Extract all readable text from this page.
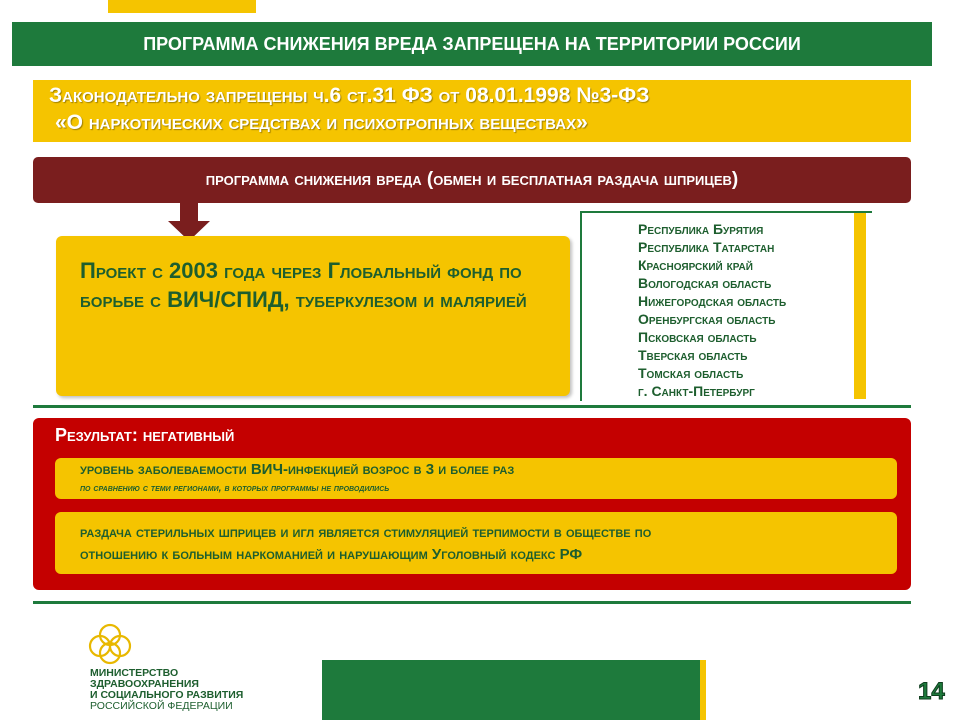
ПРОГРАММА СНИЖЕНИЯ ВРЕДА ЗАПРЕЩЕНА НА ТЕРРИТОРИИ РОССИИ
Законодательно запрещены ч.6 ст.31 ФЗ от 08.01.1998 №3-ФЗ
«О наркотических средствах и психотропных веществах»
программа снижения вреда (обмен и бесплатная раздача шприцев)
Проект с 2003 года через Глобальный фонд по борьбе с ВИЧ/СПИД, туберкулезом и малярией
Республика Бурятия
Республика Татарстан
Красноярский край
Вологодская область
Нижегородская область
Оренбургская область
Псковская область
Тверская область
Томская область
г. Санкт-Петербург
Результат: негативный
уровень заболеваемости ВИЧ-инфекцией возрос в 3 и более раз
по сравнению с теми регионами, в которых программы не проводились
раздача стерильных шприцев и игл является стимуляцией терпимости в обществе по
отношению к больным наркоманией и нарушающим Уголовный кодекс РФ
МИНИСТЕРСТВО
ЗДРАВООХРАНЕНИЯ
И СОЦИАЛЬНОГО РАЗВИТИЯ
РОССИЙСКОЙ ФЕДЕРАЦИИ
14
